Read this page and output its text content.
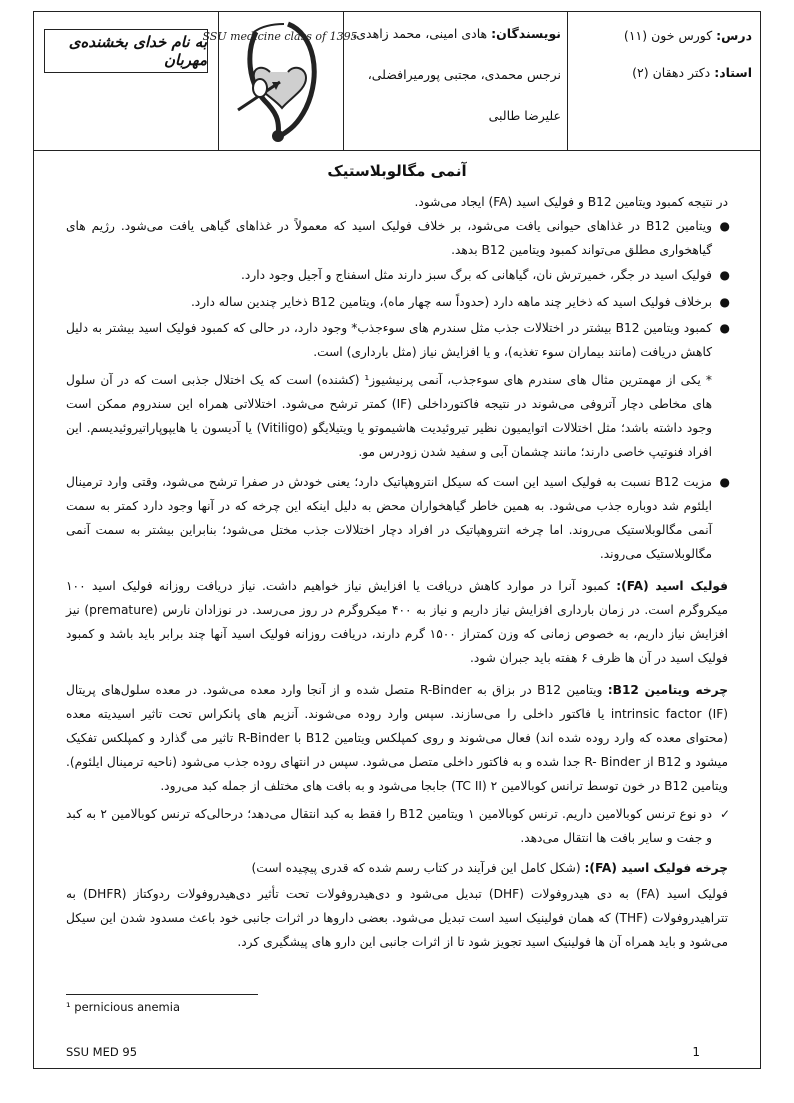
به نام خدای بخشنده‌ی مهربان
SSU medicine class of 1395	نویسندگان: هادی امینی، محمد زاهدی،
نرجس محمدی، مجتبی پورمیرافضلی،
علیرضا طالبی
درس: کورس خون (۱۱)
استاد: دکتر دهقان (۲)
آنمی مگالوبلاستیک
در نتیجه کمبود ویتامین B12 و فولیک اسید (FA) ایجاد می‌شود.
●
ویتامین B12 در غذاهای حیوانی یافت می‌شود، بر خلاف فولیک اسید که معمولاً در غذاهای گیاهی یافت می‌شود. رژیم های گیاهخواری مطلق می‌تواند کمبود ویتامین B12 بدهد.
●
فولیک اسید در جگر، خمیرترش نان، گیاهانی که برگ سبز دارند مثل اسفناج و آجیل وجود دارد.
●
برخلاف فولیک اسید که ذخایر چند ماهه دارد (حدوداً سه چهار ماه)، ویتامین B12 ذخایر چندین ساله دارد.
●
کمبود ویتامین B12 بیشتر در اختلالات جذب مثل سندرم های سوءجذب* وجود دارد، در حالی که کمبود فولیک اسید بیشتر به دلیل کاهش دریافت (مانند بیماران سوء تغذیه)، و یا افزایش نیاز (مثل بارداری) است.
* یکی از مهمترین مثال های سندرم های سوءجذب، آنمی پرنیشیوز¹ (کشنده) است که یک اختلال جذبی است که در آن سلول های مخاطی دچار آتروفی می‌شوند در نتیجه فاکتورداخلی (IF) کمتر ترشح می‌شود. اختلالاتی همراه این سندروم ممکن است وجود داشته باشد؛ مثل اختلالات اتوایمیون نظیر تیروئیدیت هاشیموتو یا ویتیلایگو (Vitiligo) یا آدیسون یا هایپوپاراتیروئیدیسم. این افراد فنوتیپ خاصی دارند؛ مانند چشمان آبی و سفید شدن زودرس مو.
●
مزیت B12 نسبت به فولیک اسید این است که سیکل انتروهپاتیک دارد؛ یعنی خودش در صفرا ترشح می‌شود، وقتی وارد ترمینال ایلئوم شد دوباره جذب می‌شود. به همین خاطر گیاهخواران محض به دلیل اینکه این چرخه که در آنها وجود دارد کمتر به سمت آنمی مگالوبلاستیک می‌روند. اما چرخه انتروهپاتیک در افراد دچار اختلالات جذب مختل می‌شود؛ بنابراین بیشتر به سمت آنمی مگالوبلاستیک می‌روند.
فولیک اسید (FA): کمبود آنرا در موارد کاهش دریافت یا افزایش نیاز خواهیم داشت. نیاز دریافت روزانه فولیک اسید ۱۰۰ میکروگرم است. در زمان بارداری افزایش نیاز داریم و نیاز به ۴۰۰ میکروگرم در روز می‌رسد. در نوزادان نارس (premature) نیز افزایش نیاز داریم، به خصوص زمانی که وزن کمتراز ۱۵۰۰ گرم دارند، دریافت روزانه فولیک اسید آنها چند برابر باید باشد و کمبود فولیک اسید در آن ها ظرف ۶ هفته باید جبران شود.
چرخه ویتامین B12: ویتامین B12 در بزاق به R-Binder متصل شده و از آنجا وارد معده می‌شود. در معده سلول‌های پریتال intrinsic factor (IF) یا فاکتور داخلی را می‌سازند. سپس وارد روده می‌شوند. آنزیم های پانکراس تحت تاثیر اسیدیته معده (محتوای معده که وارد روده شده اند) فعال می‌شوند و روی کمپلکس ویتامین B12 با R-Binder تاثیر می گذارد و کمپلکس تفکیک میشود و B12 از R- Binder جدا شده و به فاکتور داخلی متصل می‌شود. سپس در انتهای روده جذب می‌شود (ناحیه ترمینال ایلئوم). ویتامین B12 در خون توسط ترانس کوبالامین ۲ (TC II) جابجا می‌شود و به بافت های مختلف از جمله کبد می‌رود.
✓
دو نوع ترنس کوبالامین داریم. ترنس کوبالامین ۱ ویتامین B12 را فقط به کبد انتقال می‌دهد؛ درحالی‌که ترنس کوبالامین ۲ به کبد و جفت و سایر بافت ها انتقال می‌دهد.
چرخه فولیک اسید (FA): (شکل کامل این فرآیند در کتاب رسم شده که قدری پیچیده است)
فولیک اسید (FA) به دی هیدروفولات (DHF) تبدیل می‌شود و دی‌هیدروفولات تحت تأثیر دی‌هیدروفولات ردوکتاز (DHFR) به تتراهیدروفولات (THF) که همان فولینیک اسید است تبدیل می‌شود. بعضی داروها در اثرات جانبی خود باعث مسدود شدن این سیکل می‌شود و باید همراه آن ها فولینیک اسید تجویز شود تا از اثرات جانبی این دارو های پیشگیری کرد.
¹ pernicious anemia
SSU MED 95	1
